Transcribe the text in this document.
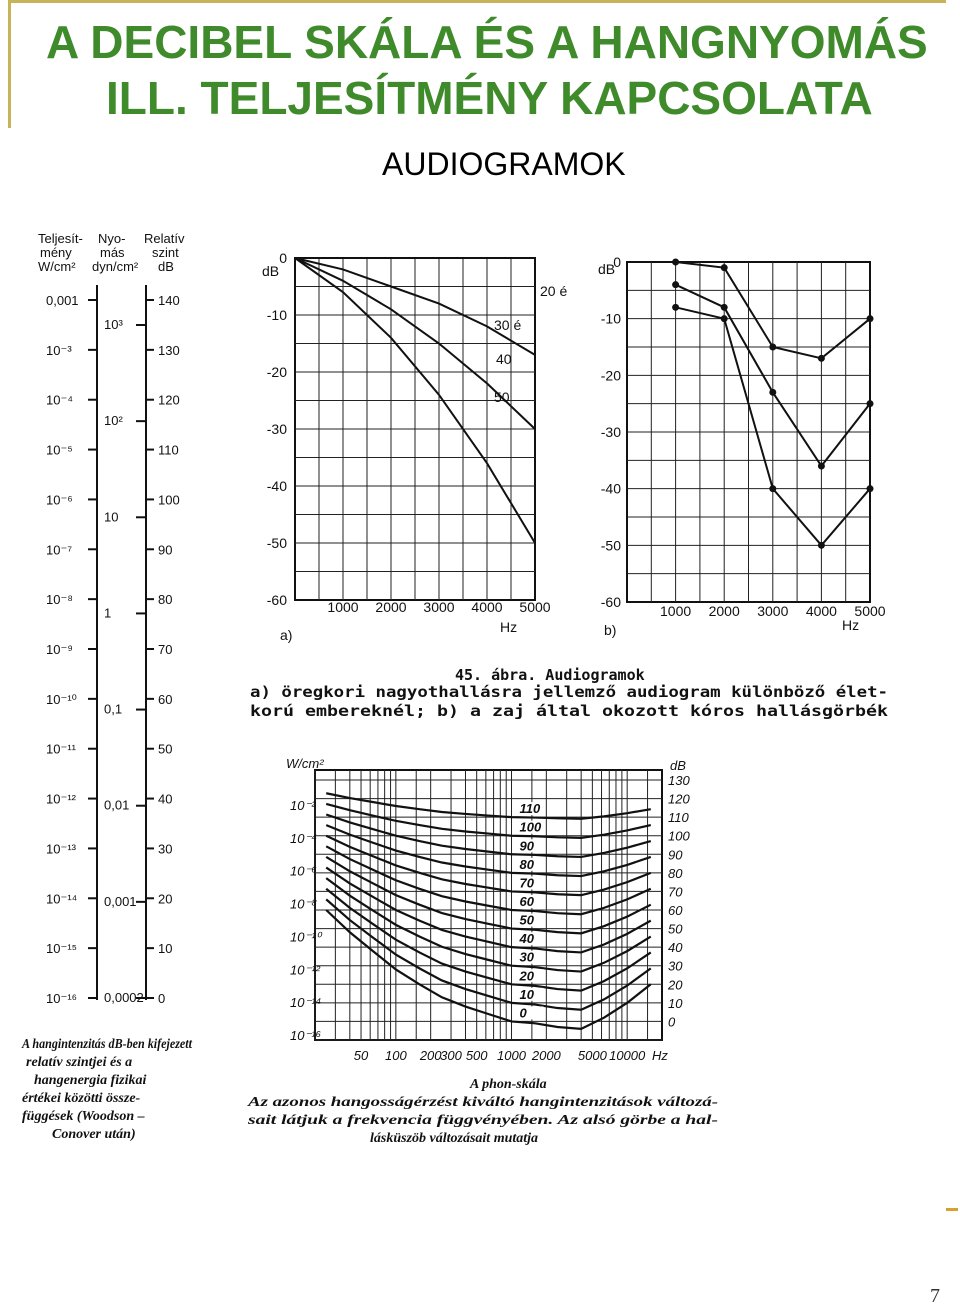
A DECIBEL SKÁLA ÉS A HANGNYOMÁS
ILL. TELJESÍTMÉNY KAPCSOLATA
AUDIOGRAMOK
7
Teljesít-
mény
W/cm²
Nyo-
más
dyn/cm²
Relatív
szint
dB
140
130
120
110
100
90
80
70
60
50
40
30
20
10
0
0,001
10⁻³
10⁻⁴
10⁻⁵
10⁻⁶
10⁻⁷
10⁻⁸
10⁻⁹
10⁻¹⁰
10⁻¹¹
10⁻¹²
10⁻¹³
10⁻¹⁴
10⁻¹⁵
10⁻¹⁶
10³
10²
10
1
0,1
0,01
0,001
0,0002
A hangintenzitás dB-ben kifejezett
relatív szintjei és a
hangenergia fizikai
értékei közötti össze-
függések (Woodson –
Conover után)
0
-10
-20
-30
-40
-50
-60	1000 2000 3000 4000 5000
20 é
30 é
40
50
dB
Hz
a)
0
-10
-20
-30
-40
-50
-60
1000 2000 3000 4000 5000
dB
Hz
b)
45. ábra. Audiogramok
a) öregkori nagyothallásra jellemző audiogram különböző élet-
korú embereknél; b) a zaj által okozott kóros hallásgörbék
50 100 200
300 500 1000 2000 5000 10000
130
120
110
100
90
80
70
60
50
40
30
20
10
0
10⁻²
10⁻⁴
10⁻⁶
10⁻⁸
10⁻¹⁰
10⁻¹²
10⁻¹⁴
10⁻¹⁶
110
100
90
80
70
60
50
40
30
20
10
0
W/cm²	dB
Hz
A phon-skála
Az azonos hangosságérzést kiváltó hangintenzitások változá-
sait látjuk a frekvencia függvényében. Az alsó görbe a hal-
lásküszöb változásait mutatja
